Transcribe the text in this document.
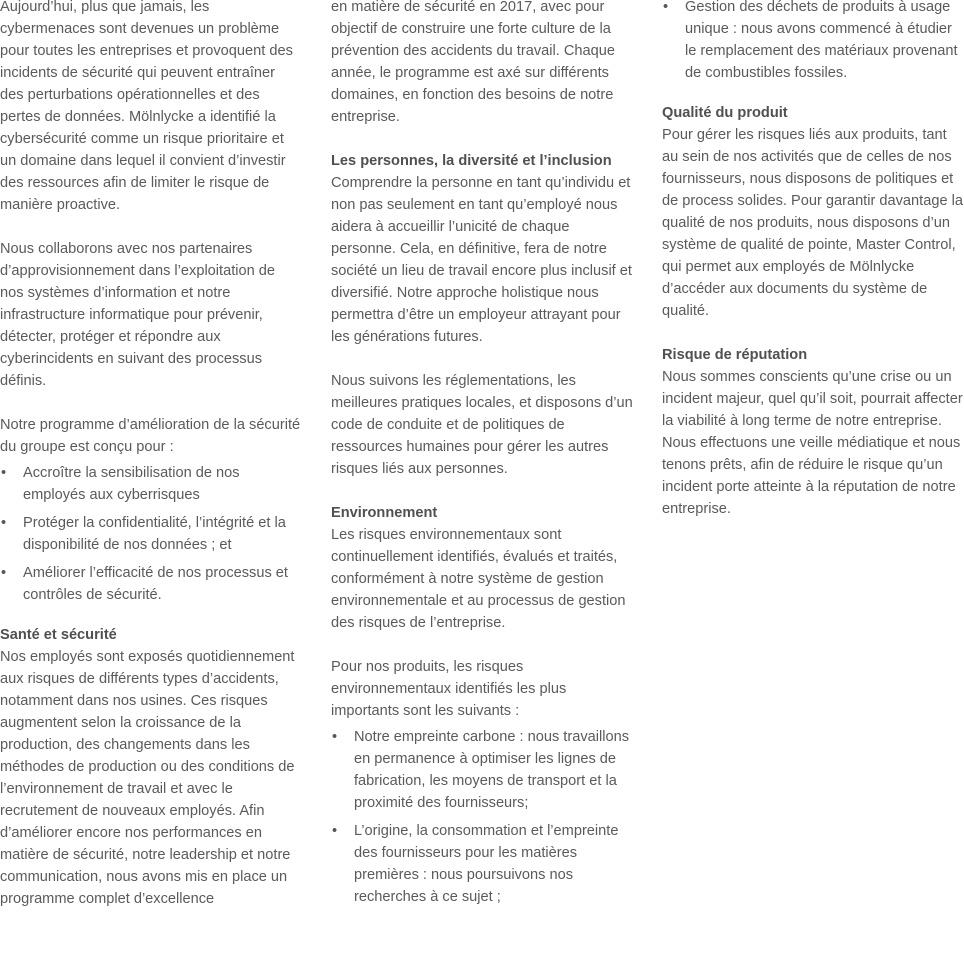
Aujourd’hui, plus que jamais, les cybermenaces sont devenues un problème pour toutes les entreprises et provoquent des incidents de sécurité qui peuvent entraîner des perturbations opérationnelles et des pertes de données. Mölnlycke a identifié la cybersécurité comme un risque prioritaire et un domaine dans lequel il convient d’investir des ressources afin de limiter le risque de manière proactive.

Nous collaborons avec nos partenaires d’approvisionnement dans l’exploitation de nos systèmes d’information et notre infrastructure informatique pour prévenir, détecter, protéger et répondre aux cyberincidents en suivant des processus définis.

Notre programme d’amélioration de la sécurité du groupe est conçu pour :

• Accroître la sensibilisation de nos employés aux cyberrisques
• Protéger la confidentialité, l’intégrité et la disponibilité de nos données ; et
• Améliorer l’efficacité de nos processus et contrôles de sécurité.
Santé et sécurité

Nos employés sont exposés quotidiennement aux risques de différents types d’accidents, notamment dans nos usines. Ces risques augmentent selon la croissance de la production, des changements dans les méthodes de production ou des conditions de l’environnement de travail et avec le recrutement de nouveaux employés. Afin d’améliorer encore nos performances en matière de sécurité, notre leadership et notre communication, nous avons mis en place un programme complet d’excellence

en matière de sécurité en 2017, avec pour objectif de construire une forte culture de la prévention des accidents du travail. Chaque année, le programme est axé sur différents domaines, en fonction des besoins de notre entreprise.

Les personnes, la diversité et l’inclusion

Comprendre la personne en tant qu’individu et non pas seulement en tant qu’employé nous aidera à accueillir l’unicité de chaque personne. Cela, en définitive, fera de notre société un lieu de travail encore plus inclusif et diversifié. Notre approche holistique nous permettra d’être un employeur attrayant pour les générations futures.

Nous suivons les réglementations, les meilleures pratiques locales, et disposons d’un code de conduite et de politiques de ressources humaines pour gérer les autres risques liés aux personnes.

Environnement

Les risques environnementaux sont continuellement identifiés, évalués et traités, conformément à notre système de gestion environnementale et au processus de gestion des risques de l’entreprise.

Pour nos produits, les risques environnementaux identifiés les plus importants sont les suivants :

• Notre empreinte carbone : nous travaillons en permanence à optimiser les lignes de fabrication, les moyens de transport et la proximité des fournisseurs;
• L’origine, la consommation et l’empreinte des fournisseurs pour les matières premières : nous poursuivons nos recherches à ce sujet ;
• Gestion des déchets de produits à usage unique : nous avons commencé à étudier le remplacement des matériaux provenant de combustibles fossiles.
Qualité du produit

Pour gérer les risques liés aux produits, tant au sein de nos activités que de celles de nos fournisseurs, nous disposons de politiques et de process solides. Pour garantir davantage la qualité de nos produits, nous disposons d’un système de qualité de pointe, Master Control, qui permet aux employés de Mölnlycke d’accéder aux documents du système de qualité.

Risque de réputation

Nous sommes conscients qu’une crise ou un incident majeur, quel qu’il soit, pourrait affecter la viabilité à long terme de notre entreprise. Nous effectuons une veille médiatique et nous tenons prêts, afin de réduire le risque qu’un incident porte atteinte à la réputation de notre entreprise.
